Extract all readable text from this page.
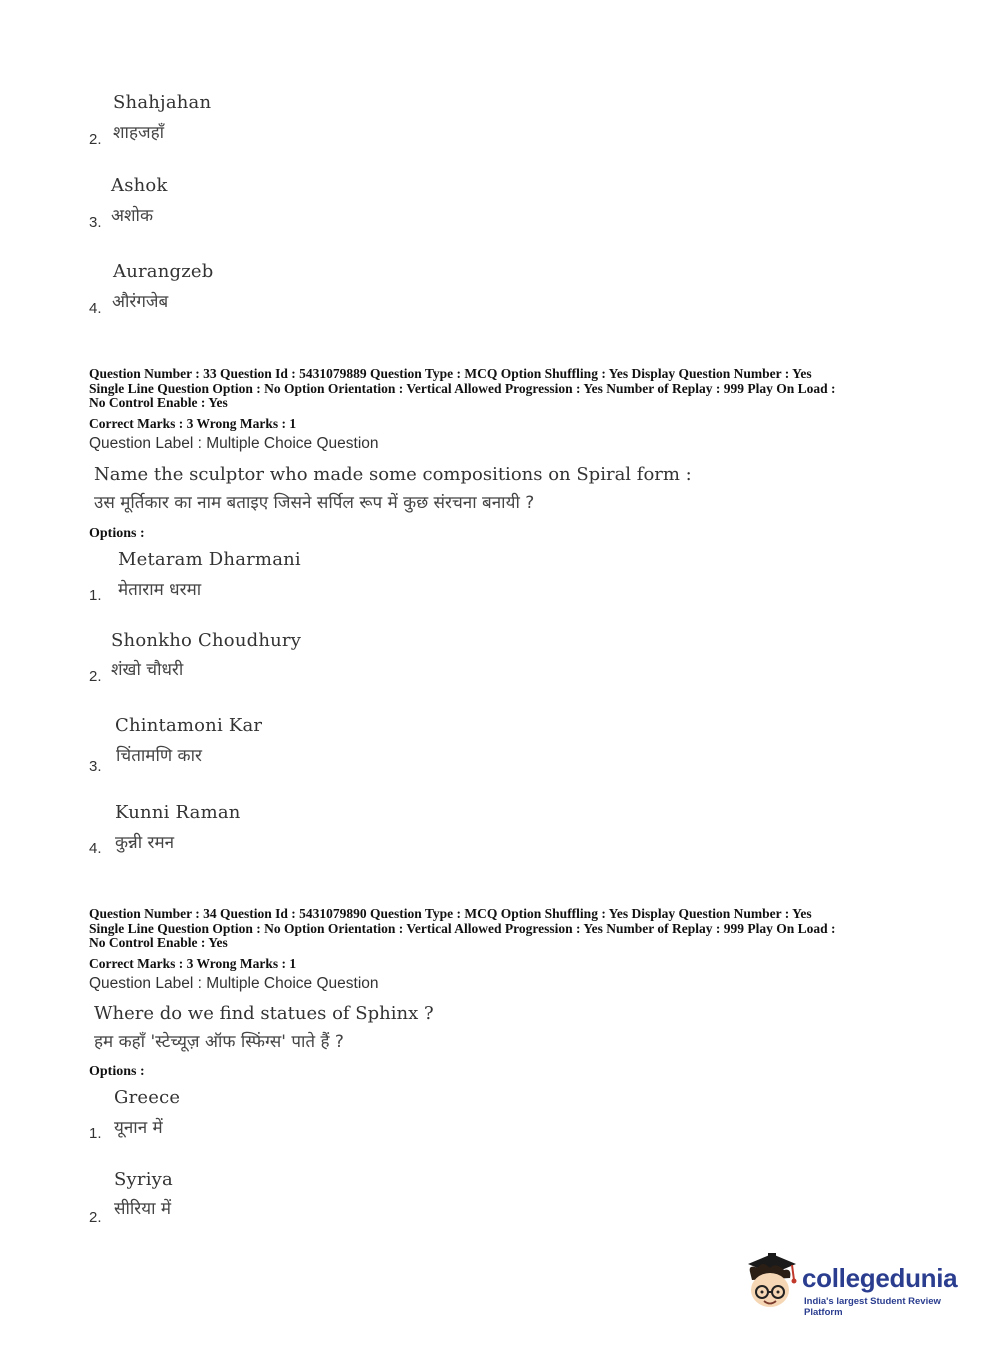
Shahjahan
2. शाहजहाँ
Ashok
3. अशोक
Aurangzeb
4. औरंगजेब
Question Number : 33 Question Id : 5431079889 Question Type : MCQ Option Shuffling : Yes Display Question Number : Yes
Single Line Question Option : No Option Orientation : Vertical Allowed Progression : Yes Number of Replay : 999 Play On Load :
No Control Enable : Yes
Correct Marks : 3 Wrong Marks : 1
Question Label : Multiple Choice Question
Name the sculptor who made some compositions on Spiral form :
उस मूर्तिकार का नाम बताइए जिसने सर्पिल रूप में कुछ संरचना बनायी ?
Options :
Metaram Dharmani
1. मेताराम धरमा
Shonkho Choudhury
2. शंखो चौधरी
Chintamoni Kar
3.
चिंतामणि कार
Kunni Raman
4. कुन्नी रमन
Question Number : 34 Question Id : 5431079890 Question Type : MCQ Option Shuffling : Yes Display Question Number : Yes
Single Line Question Option : No Option Orientation : Vertical Allowed Progression : Yes Number of Replay : 999 Play On Load :
No Control Enable : Yes
Correct Marks : 3 Wrong Marks : 1
Question Label : Multiple Choice Question
Where do we find statues of Sphinx ?
हम कहाँ 'स्टेच्यूज़ ऑफ स्फिंग्स' पाते हैं ?
Options :
Greece
1. यूनान में
Syriya
2. सीरिया में
collegedunia
India's largest Student Review Platform
